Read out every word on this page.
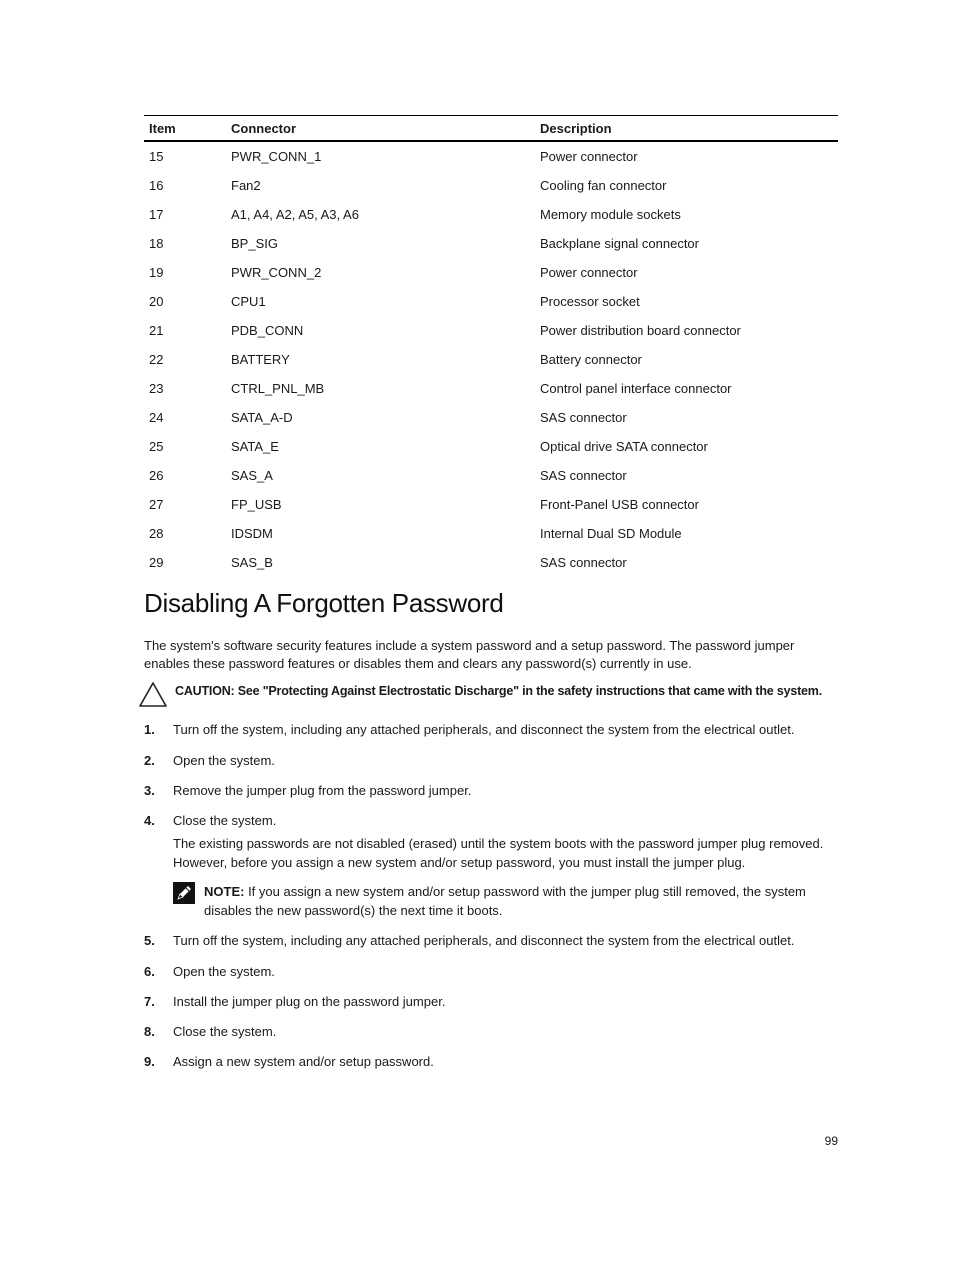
Item	Connector	Description
15	PWR_CONN_1	Power connector
16	Fan2	Cooling fan connector
17	A1, A4, A2, A5, A3, A6	Memory module sockets
18	BP_SIG	Backplane signal connector
19	PWR_CONN_2	Power connector
20	CPU1	Processor socket
21	PDB_CONN	Power distribution board connector
22	BATTERY	Battery connector
23	CTRL_PNL_MB	Control panel interface connector
24	SATA_A-D	SAS connector
25	SATA_E	Optical drive SATA connector
26	SAS_A	SAS connector
27	FP_USB	Front-Panel USB connector
28	IDSDM	Internal Dual SD Module
29	SAS_B	SAS connector
Disabling A Forgotten Password

The system's software security features include a system password and a setup password. The password jumper enables these password features or disables them and clears any password(s) currently in use.

CAUTION: See "Protecting Against Electrostatic Discharge" in the safety instructions that came with the system.
1. Turn off the system, including any attached peripherals, and disconnect the system from the electrical outlet.
2. Open the system.
3. Remove the jumper plug from the password jumper.
4. Close the system.

The existing passwords are not disabled (erased) until the system boots with the password jumper plug removed. However, before you assign a new system and/or setup password, you must install the jumper plug.

NOTE: If you assign a new system and/or setup password with the jumper plug still removed, the system disables the new password(s) the next time it boots.
5. Turn off the system, including any attached peripherals, and disconnect the system from the electrical outlet.
6. Open the system.
7. Install the jumper plug on the password jumper.
8. Close the system.
9. Assign a new system and/or setup password.
99
